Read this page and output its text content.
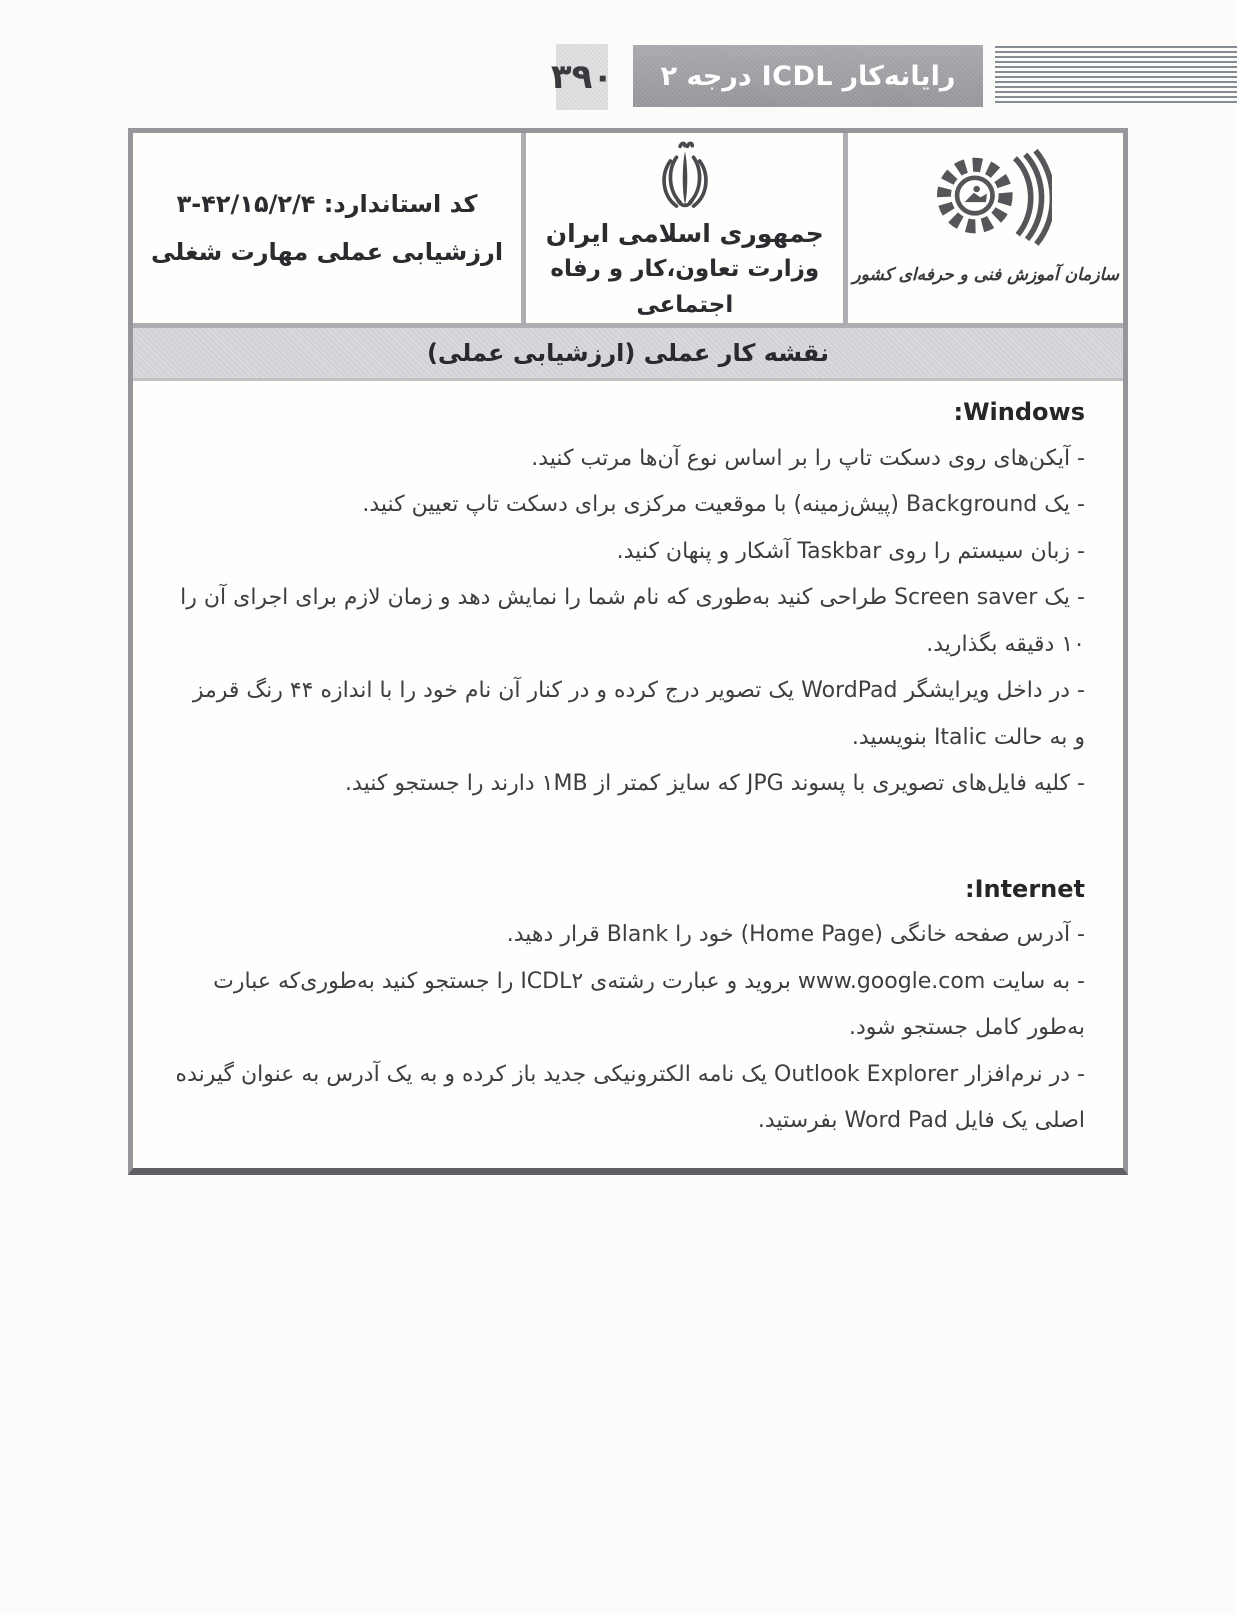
۳۹۰ رایانه‌کار ICDL درجه ۲
سازمان آموزش فنی و حرفه‌ای کشور
جمهوری اسلامی ایران
وزارت تعاون،کار و رفاه اجتماعی
کد استاندارد: ۳-۴۲/۱۵/۲/۴
ارزشیابی عملی مهارت شغلی
نقشه کار عملی (ارزشیابی عملی)
Windows:
- آیکن‌های روی دسکت تاپ را بر اساس نوع آن‌ها مرتب کنید.
- یک Background (پیش‌زمینه) با موقعیت مرکزی برای دسکت تاپ تعیین کنید.
- زبان سیستم را روی Taskbar آشکار و پنهان کنید.
- یک Screen saver طراحی کنید به‌طوری که نام شما را نمایش دهد و زمان لازم برای اجرای آن را
۱۰ دقیقه بگذارید.
- در داخل ویرایشگر WordPad یک تصویر درج کرده و در کنار آن نام خود را با اندازه ۴۴ رنگ قرمز
و به حالت Italic بنویسید.
- کلیه فایل‌های تصویری با پسوند JPG که سایز کمتر از ۱MB دارند را جستجو کنید.
Internet:
- آدرس صفحه خانگی (Home Page) خود را Blank قرار دهید.
- به سایت www.google.com بروید و عبارت رشته‌ی ICDL۲ را جستجو کنید به‌طوری‌که عبارت
به‌طور کامل جستجو شود.
- در نرم‌افزار Outlook Explorer یک نامه الکترونیکی جدید باز کرده و به یک آدرس به عنوان گیرنده
اصلی یک فایل Word Pad بفرستید.
